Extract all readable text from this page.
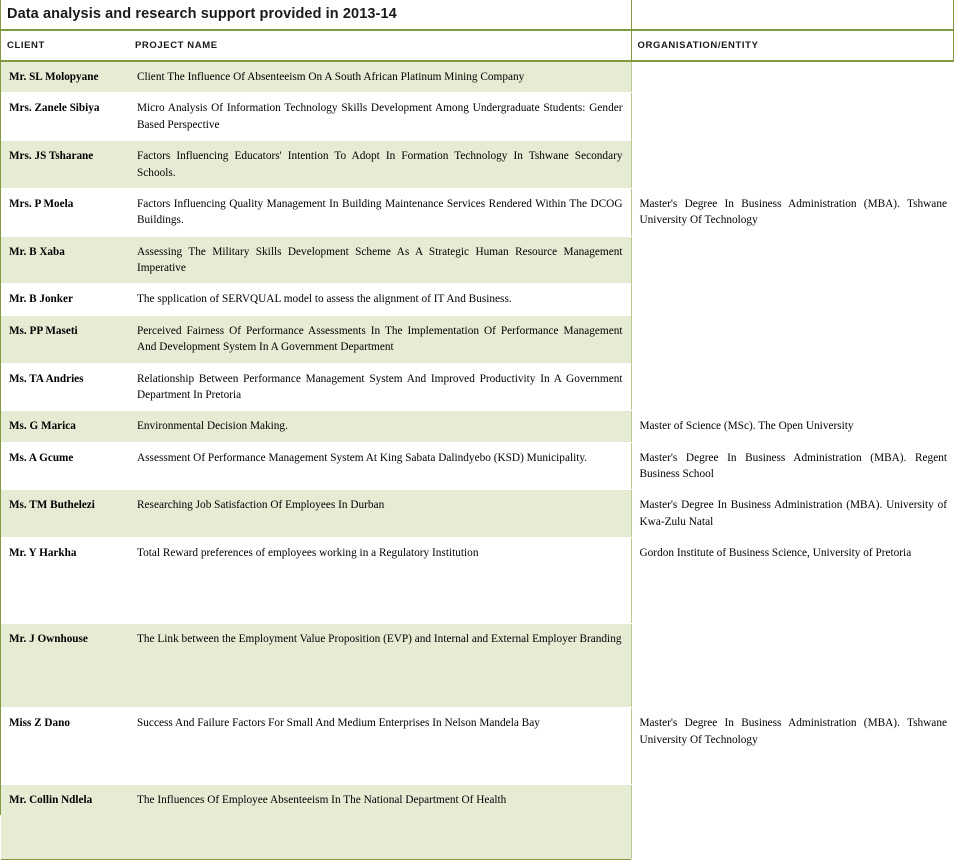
Data analysis and research support provided in 2013-14		
CLIENT	PROJECT NAME	ORGANISATION/ENTITY
Mr. SL Molopyane	Client The Influence Of Absenteeism On A South African Platinum Mining Company	
Mrs. Zanele Sibiya	Micro Analysis Of Information Technology Skills Development Among Undergraduate Students: Gender Based Perspective	
Mrs. JS Tsharane	Factors Influencing Educators' Intention To Adopt In Formation Technology In Tshwane Secondary Schools.	
Mrs. P Moela	Factors Influencing Quality Management In Building Maintenance Services Rendered Within The DCOG Buildings.	Master's Degree In Business Administration (MBA). Tshwane University Of Technology
Mr. B Xaba	Assessing The Military Skills Development Scheme As A Strategic Human Resource Management Imperative	
Mr. B Jonker	The spplication of SERVQUAL model to assess the alignment of IT And Business.	
Ms. PP Maseti	Perceived Fairness Of Performance Assessments In The Implementation Of Performance Management And Development System In A Government Department	
Ms. TA Andries	Relationship Between Performance Management System And Improved Productivity In A Government Department In Pretoria	
Ms. G Marica	Environmental Decision Making.	Master of Science (MSc). The Open University
Ms. A Gcume	Assessment Of Performance Management System At King Sabata Dalindyebo (KSD) Municipality.	Master's Degree In Business Administration (MBA). Regent Business School
Ms. TM Buthelezi	Researching Job Satisfaction Of Employees In Durban	Master's Degree In Business Administration (MBA). University of Kwa-Zulu Natal
Mr. Y Harkha	Total Reward preferences of employees working in a Regulatory Institution	Gordon Institute of Business Science, University of Pretoria
Mr. J Ownhouse	The Link between the Employment Value Proposition (EVP) and Internal and External Employer Branding	
Miss Z Dano	Success And Failure Factors For Small And Medium Enterprises In Nelson Mandela Bay	Master's Degree In Business Administration (MBA). Tshwane University Of Technology
Mr. Collin Ndlela	The Influences Of Employee Absenteeism In The National Department Of Health	
